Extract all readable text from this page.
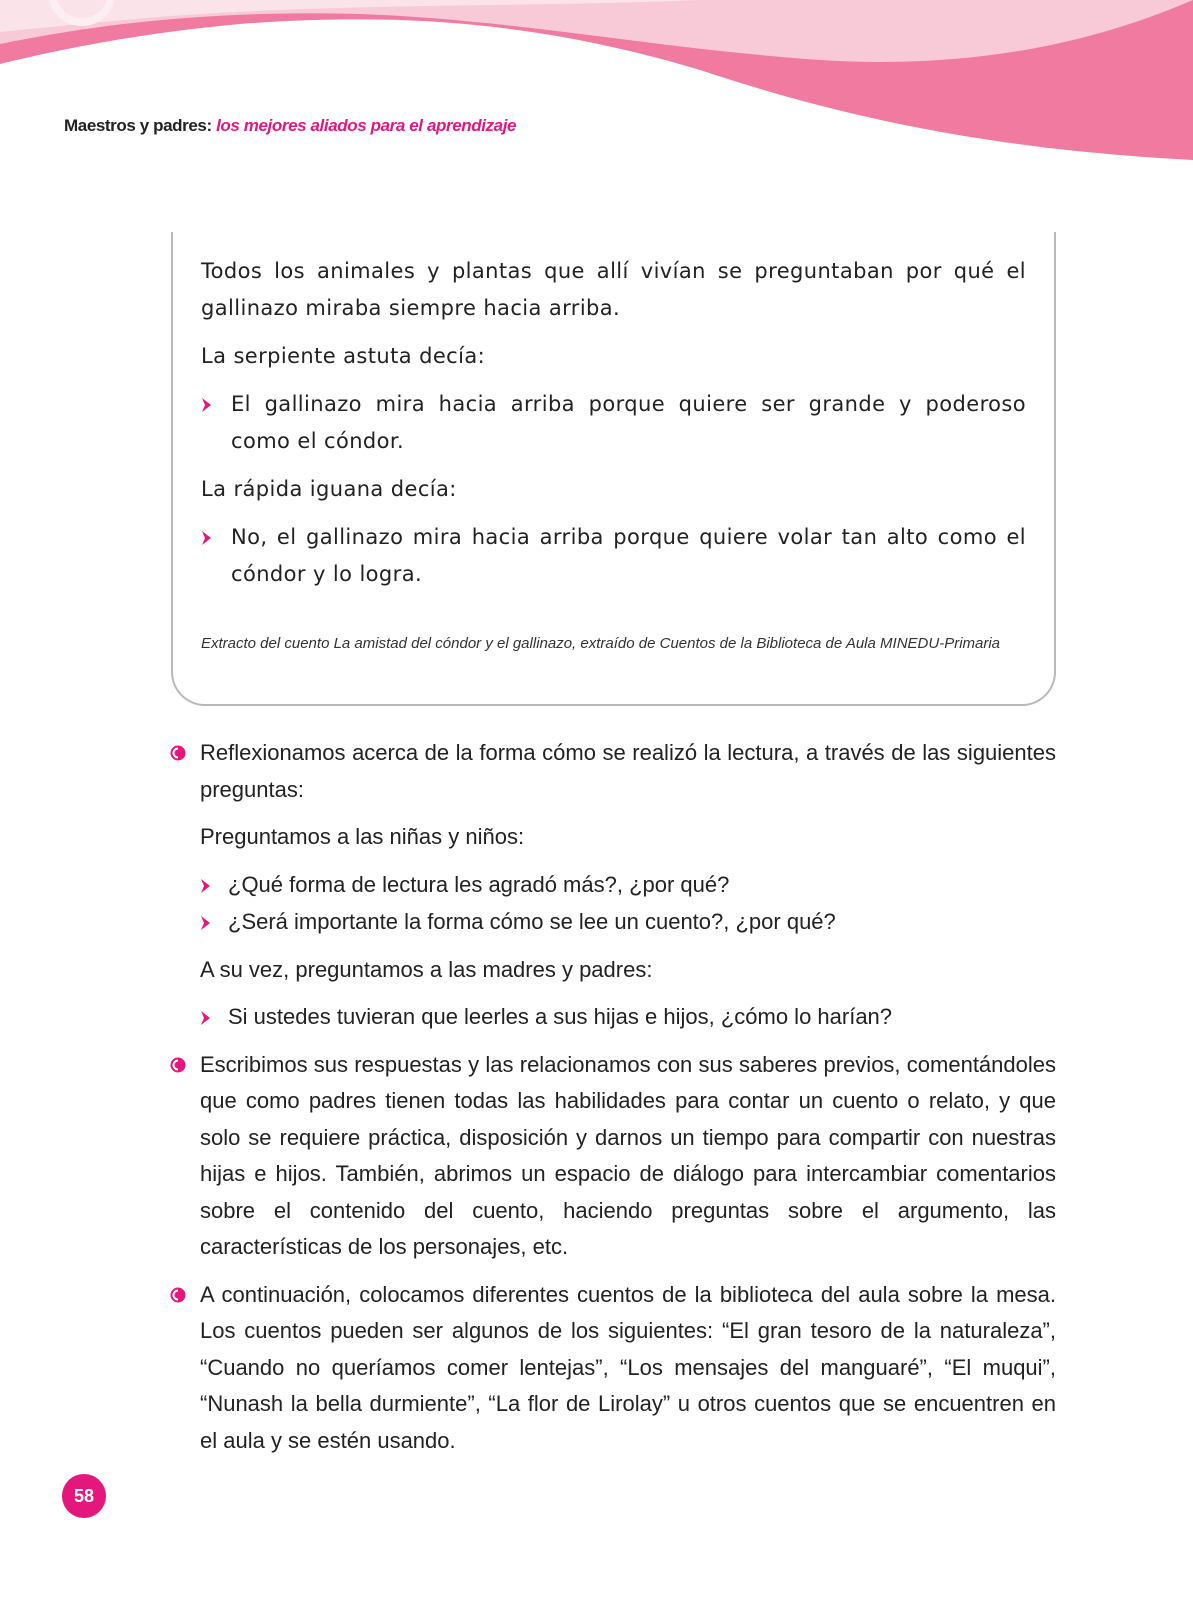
Maestros y padres: los mejores aliados para el aprendizaje

Todos los animales y plantas que allí vivían se preguntaban por qué el gallinazo miraba siempre hacia arriba.

La serpiente astuta decía:

El gallinazo mira hacia arriba porque quiere ser grande y poderoso como el cóndor.

La rápida iguana decía:

No, el gallinazo mira hacia arriba porque quiere volar tan alto como el cóndor y lo logra.

Extracto del cuento La amistad del cóndor y el gallinazo, extraído de Cuentos de la Biblioteca de Aula MINEDU-Primaria

Reflexionamos acerca de la forma cómo se realizó la lectura, a través de las siguientes preguntas:

Preguntamos a las niñas y niños:

¿Qué forma de lectura les agradó más?, ¿por qué?

¿Será importante la forma cómo se lee un cuento?, ¿por qué?

A su vez, preguntamos a las madres y padres:

Si ustedes tuvieran que leerles a sus hijas e hijos, ¿cómo lo harían?

Escribimos sus respuestas y las relacionamos con sus saberes previos, comentándoles que como padres tienen todas las habilidades para contar un cuento o relato, y que solo se requiere práctica, disposición y darnos un tiempo para compartir con nuestras hijas e hijos. También, abrimos un espacio de diálogo para intercambiar comentarios sobre el contenido del cuento, haciendo preguntas sobre el argumento, las características de los personajes, etc.

A continuación, colocamos diferentes cuentos de la biblioteca del aula sobre la mesa. Los cuentos pueden ser algunos de los siguientes: “El gran tesoro de la naturaleza”, “Cuando no queríamos comer lentejas”, “Los mensajes del manguaré”, “El muqui”, “Nunash la bella durmiente”, “La flor de Lirolay” u otros cuentos que se encuentren en el aula y se estén usando.

58
